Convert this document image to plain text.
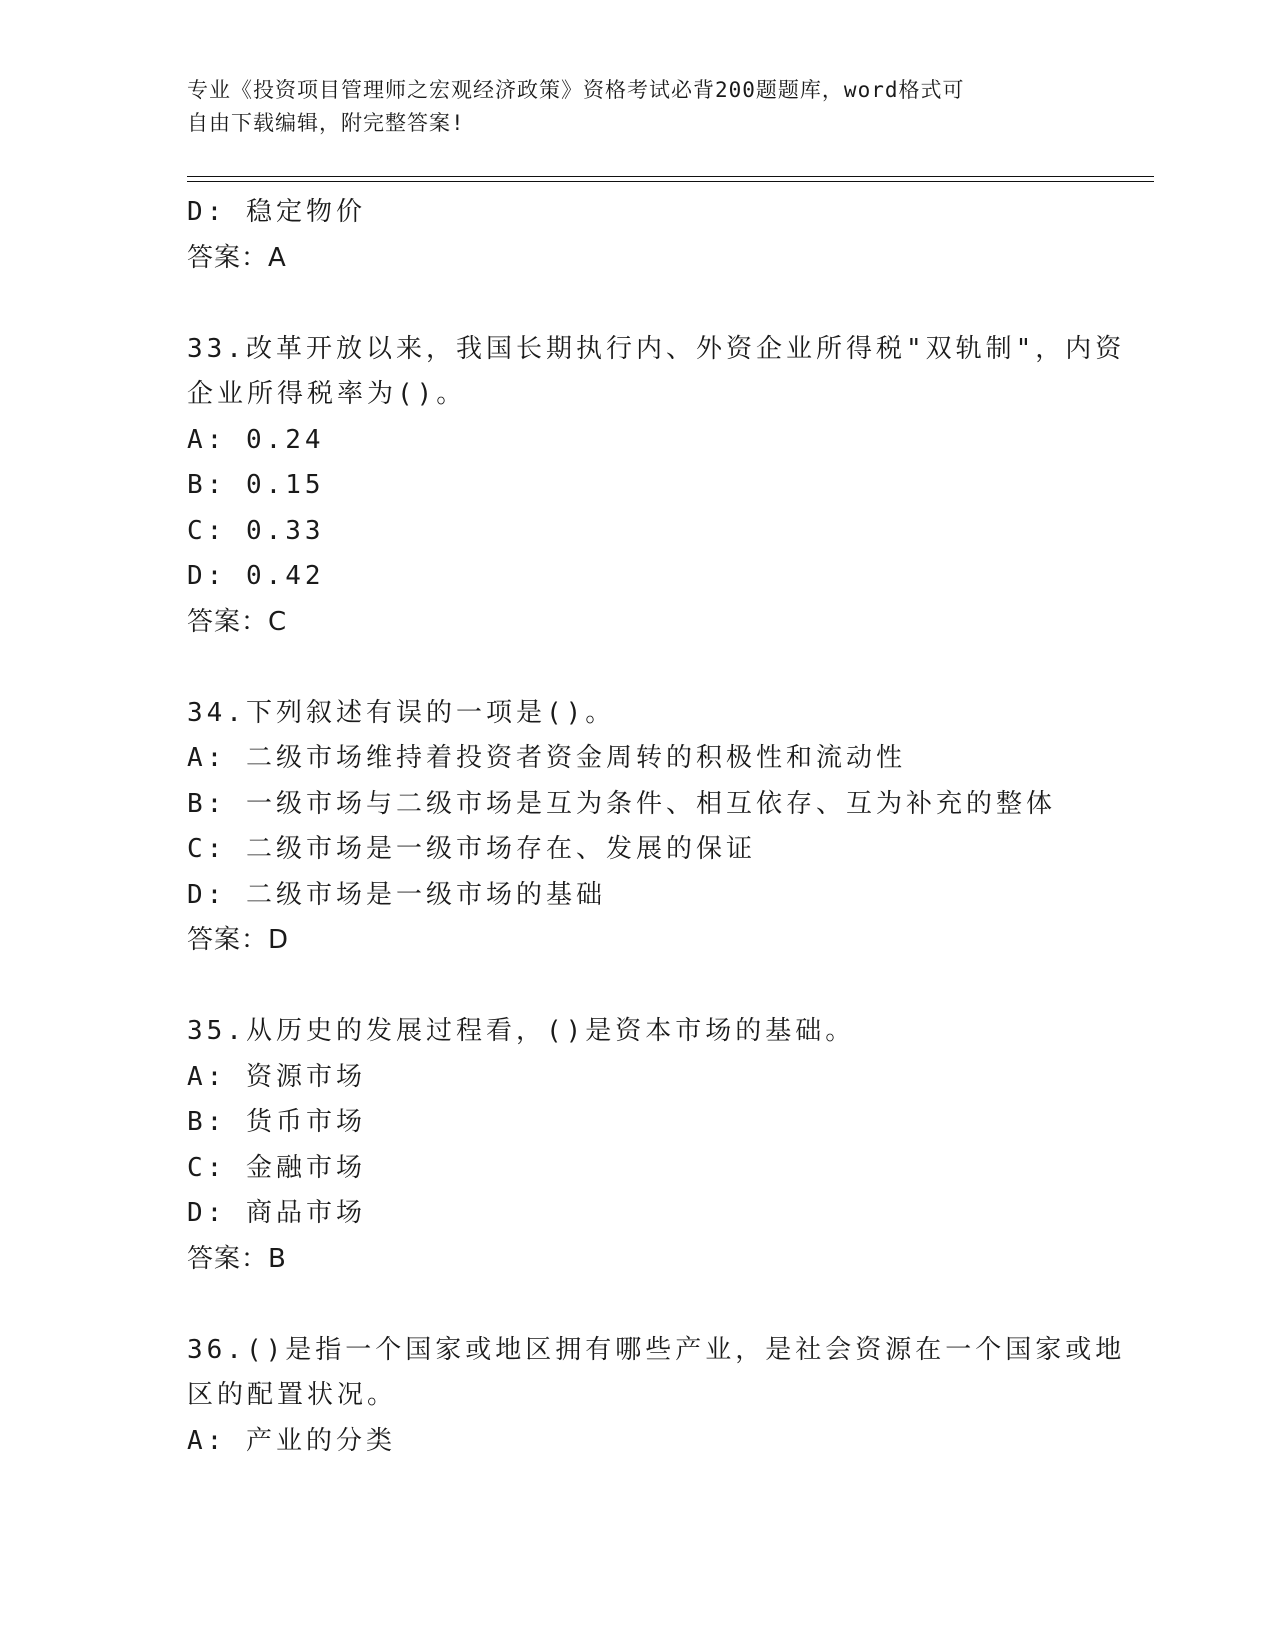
专业《投资项目管理师之宏观经济政策》资格考试必背200题题库，word格式可
自由下载编辑，附完整答案!
D: 稳定物价
答案：A
33.改革开放以来，我国长期执行内、外资企业所得税"双轨制"，内资
企业所得税率为()。
A: 0.24
B: 0.15
C: 0.33
D: 0.42
答案：C
34.下列叙述有误的一项是()。
A: 二级市场维持着投资者资金周转的积极性和流动性
B: 一级市场与二级市场是互为条件、相互依存、互为补充的整体
C: 二级市场是一级市场存在、发展的保证
D: 二级市场是一级市场的基础
答案：D
35.从历史的发展过程看，()是资本市场的基础。
A: 资源市场
B: 货币市场
C: 金融市场
D: 商品市场
答案：B
36.()是指一个国家或地区拥有哪些产业，是社会资源在一个国家或地
区的配置状况。
A: 产业的分类
